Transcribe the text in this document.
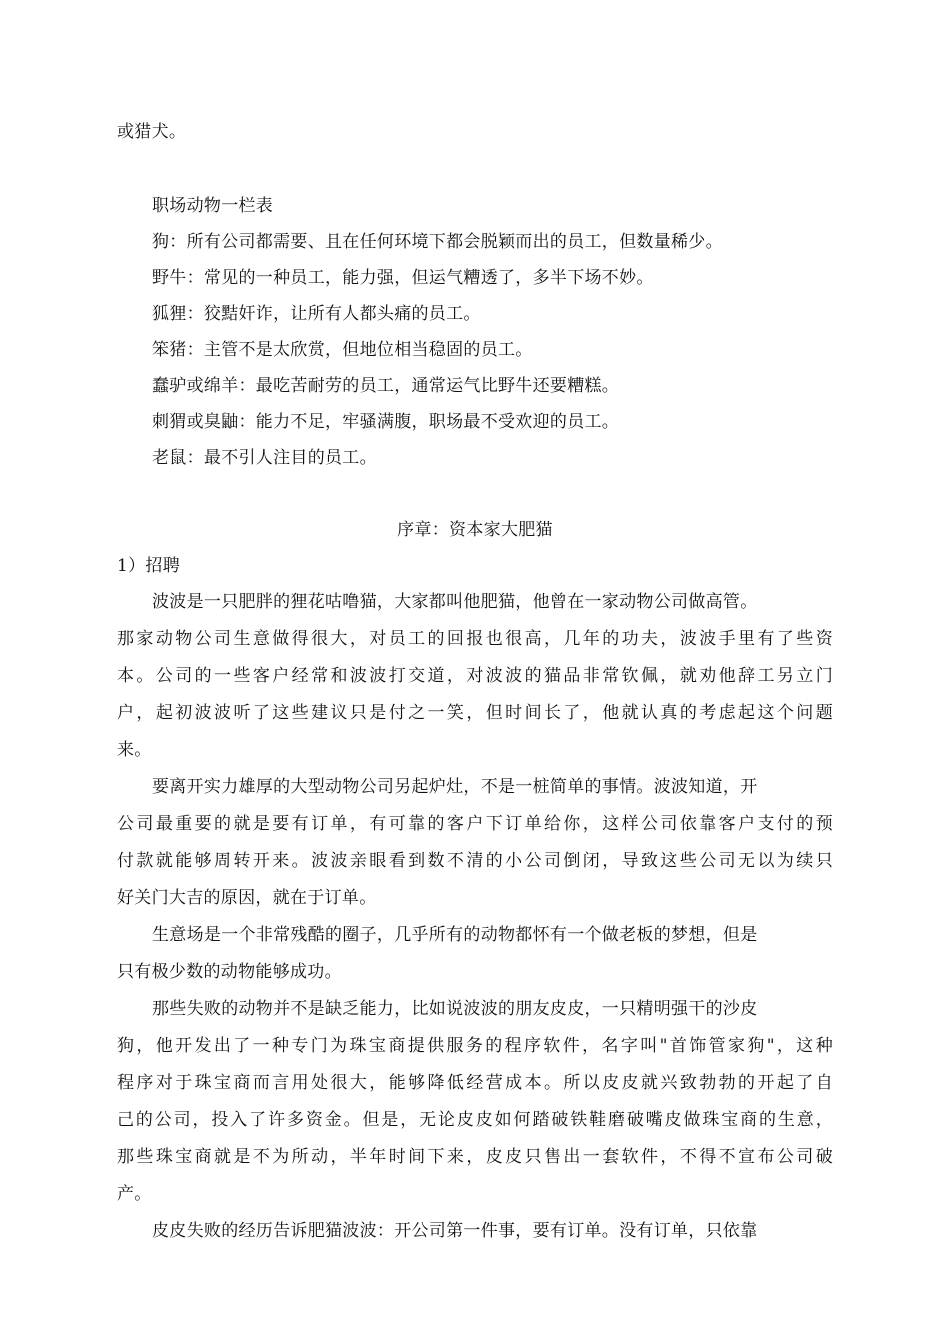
或猎犬。
职场动物一栏表
狗：所有公司都需要、且在任何环境下都会脱颖而出的员工，但数量稀少。
野牛：常见的一种员工，能力强，但运气糟透了，多半下场不妙。
狐狸：狡黠奸诈，让所有人都头痛的员工。
笨猪：主管不是太欣赏，但地位相当稳固的员工。
蠢驴或绵羊：最吃苦耐劳的员工，通常运气比野牛还要糟糕。
刺猬或臭鼬：能力不足，牢骚满腹，职场最不受欢迎的员工。
老鼠：最不引人注目的员工。
序章：资本家大肥猫
1）招聘
波波是一只肥胖的狸花咕噜猫，大家都叫他肥猫，他曾在一家动物公司做高管。
那家动物公司生意做得很大，对员工的回报也很高，几年的功夫，波波手里有了些资
本。公司的一些客户经常和波波打交道，对波波的猫品非常钦佩，就劝他辞工另立门
户，起初波波听了这些建议只是付之一笑，但时间长了，他就认真的考虑起这个问题
来。
要离开实力雄厚的大型动物公司另起炉灶，不是一桩简单的事情。波波知道，开
公司最重要的就是要有订单，有可靠的客户下订单给你，这样公司依靠客户支付的预
付款就能够周转开来。波波亲眼看到数不清的小公司倒闭，导致这些公司无以为续只
好关门大吉的原因，就在于订单。
生意场是一个非常残酷的圈子，几乎所有的动物都怀有一个做老板的梦想，但是
只有极少数的动物能够成功。
那些失败的动物并不是缺乏能力，比如说波波的朋友皮皮，一只精明强干的沙皮
狗，他开发出了一种专门为珠宝商提供服务的程序软件，名字叫"首饰管家狗"，这种
程序对于珠宝商而言用处很大，能够降低经营成本。所以皮皮就兴致勃勃的开起了自
己的公司，投入了许多资金。但是，无论皮皮如何踏破铁鞋磨破嘴皮做珠宝商的生意，
那些珠宝商就是不为所动，半年时间下来，皮皮只售出一套软件，不得不宣布公司破
产。
皮皮失败的经历告诉肥猫波波：开公司第一件事，要有订单。没有订单，只依靠
